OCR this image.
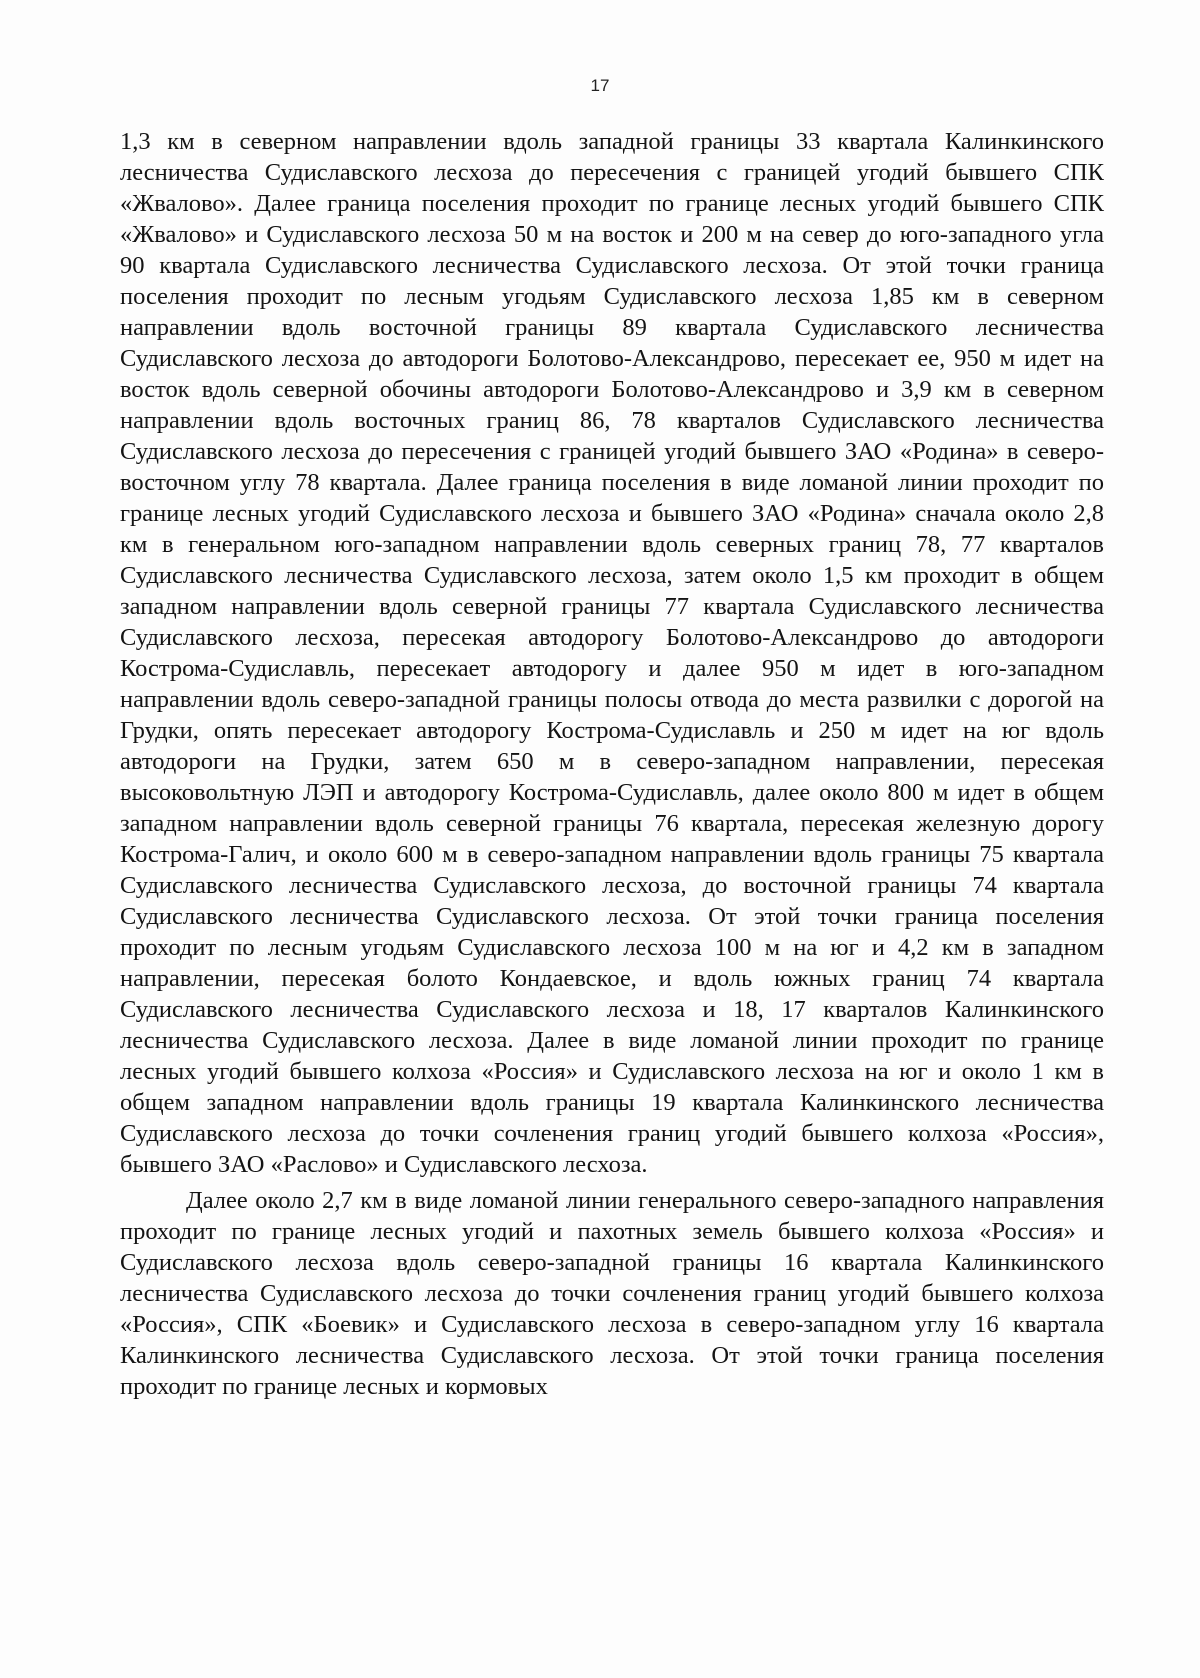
17

1,3 км в северном направлении вдоль западной границы 33 квартала Калинкинского лесничества Судиславского лесхоза до пересечения с границей угодий бывшего СПК «Жвалово». Далее граница поселения проходит по границе лесных угодий бывшего СПК «Жвалово» и Судиславского лесхоза 50 м на восток и 200 м на север до юго-западного угла 90 квартала Судиславского лесничества Судиславского лесхоза. От этой точки граница поселения проходит по лесным угодьям Судиславского лесхоза 1,85 км в северном направлении вдоль восточной границы 89 квартала Судиславского лесничества Судиславского лесхоза до автодороги Болотово-Александрово, пересекает ее, 950 м идет на восток вдоль северной обочины автодороги Болотово-Александрово и 3,9 км в северном направлении вдоль восточных границ 86, 78 кварталов Судиславского лесничества Судиславского лесхоза до пересечения с границей угодий бывшего ЗАО «Родина» в северо-восточном углу 78 квартала. Далее граница поселения в виде ломаной линии проходит по границе лесных угодий Судиславского лесхоза и бывшего ЗАО «Родина» сначала около 2,8 км в генеральном юго-западном направлении вдоль северных границ 78, 77 кварталов Судиславского лесничества Судиславского лесхоза, затем около 1,5 км проходит в общем западном направлении вдоль северной границы 77 квартала Судиславского лесничества Судиславского лесхоза, пересекая автодорогу Болотово-Александрово до автодороги Кострома-Судиславль, пересекает автодорогу и далее 950 м идет в юго-западном направлении вдоль северо-западной границы полосы отвода до места развилки с дорогой на Грудки, опять пересекает автодорогу Кострома-Судиславль и 250 м идет на юг вдоль автодороги на Грудки, затем 650 м в северо-западном направлении, пересекая высоковольтную ЛЭП и автодорогу Кострома-Судиславль, далее около 800 м идет в общем западном направлении вдоль северной границы 76 квартала, пересекая железную дорогу Кострома-Галич, и около 600 м в северо-западном направлении вдоль границы 75 квартала Судиславского лесничества Судиславского лесхоза, до восточной границы 74 квартала Судиславского лесничества Судиславского лесхоза. От этой точки граница поселения проходит по лесным угодьям Судиславского лесхоза 100 м на юг и 4,2 км в западном направлении, пересекая болото Кондаевское, и вдоль южных границ 74 квартала Судиславского лесничества Судиславского лесхоза и 18, 17 кварталов Калинкинского лесничества Судиславского лесхоза. Далее в виде ломаной линии проходит по границе лесных угодий бывшего колхоза «Россия» и Судиславского лесхоза на юг и около 1 км в общем западном направлении вдоль границы 19 квартала Калинкинского лесничества Судиславского лесхоза до точки сочленения границ угодий бывшего колхоза «Россия», бывшего ЗАО «Раслово» и Судиславского лесхоза.

Далее около 2,7 км в виде ломаной линии генерального северо-западного направления проходит по границе лесных угодий и пахотных земель бывшего колхоза «Россия» и Судиславского лесхоза вдоль северо-западной границы 16 квартала Калинкинского лесничества Судиславского лесхоза до точки сочленения границ угодий бывшего колхоза «Россия», СПК «Боевик» и Судиславского лесхоза в северо-западном углу 16 квартала Калинкинского лесничества Судиславского лесхоза. От этой точки граница поселения проходит по границе лесных и кормовых
